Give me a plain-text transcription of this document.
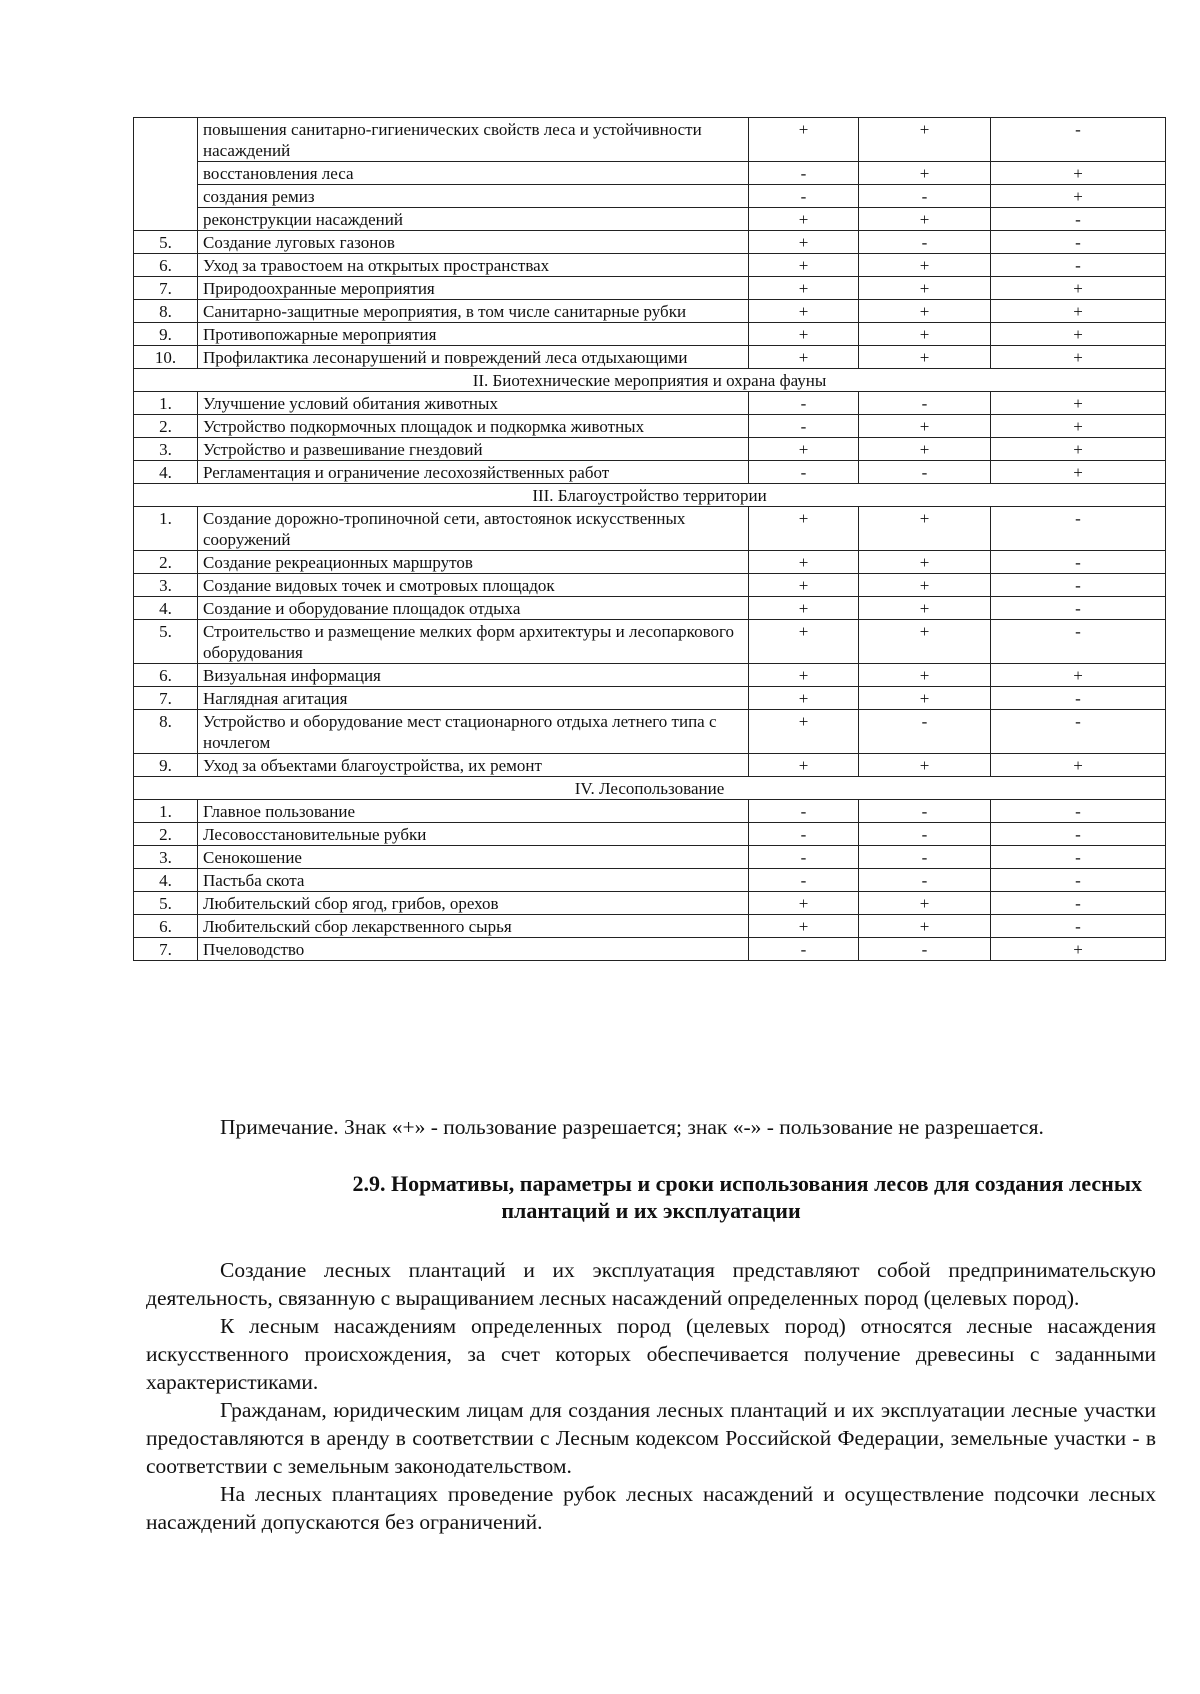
	повышения санитарно-гигиенических свойств леса и устойчивности насаждений	+	+	-
	восстановления леса	-	+	+
	создания ремиз	-	-	+
	реконструкции насаждений	+	+	-
5.	Создание луговых газонов	+	-	-
6.	Уход за травостоем на открытых пространствах	+	+	-
7.	Природоохранные мероприятия	+	+	+
8.	Санитарно-защитные мероприятия, в том числе санитарные рубки	+	+	+
9.	Противопожарные мероприятия	+	+	+
10.	Профилактика лесонарушений и повреждений леса отдыхающими	+	+	+
II. Биотехнические мероприятия и охрана фауны				
1.	Улучшение условий обитания животных	-	-	+
2.	Устройство подкормочных площадок и подкормка животных	-	+	+
3.	Устройство и развешивание гнездовий	+	+	+
4.	Регламентация и ограничение лесохозяйственных работ	-	-	+
III. Благоустройство территории				
1.	Создание дорожно-тропиночной сети, автостоянок искусственных сооружений	+	+	-
2.	Создание рекреационных маршрутов	+	+	-
3.	Создание видовых точек и смотровых площадок	+	+	-
4.	Создание и оборудование площадок отдыха	+	+	-
5.	Строительство и размещение мелких форм архитектуры и лесопаркового оборудования	+	+	-
6.	Визуальная информация	+	+	+
7.	Наглядная агитация	+	+	-
8.	Устройство и оборудование мест стационарного отдыха летнего типа с ночлегом	+	-	-
9.	Уход за объектами благоустройства, их ремонт	+	+	+
IV. Лесопользование				
1.	Главное пользование	-	-	-
2.	Лесовосстановительные рубки	-	-	-
3.	Сенокошение	-	-	-
4.	Пастьба скота	-	-	-
5.	Любительский сбор ягод, грибов, орехов	+	+	-
6.	Любительский сбор лекарственного сырья	+	+	-
7.	Пчеловодство	-	-	+
Примечание. Знак «+» - пользование разрешается; знак «-» - пользование не разрешается.
2.9. Нормативы, параметры и сроки использования лесов для создания лесных
плантаций и их эксплуатации

Создание лесных плантаций и их эксплуатация представляют собой предпринимательскую деятельность, связанную с выращиванием лесных насаждений определенных пород (целевых пород).

К лесным насаждениям определенных пород (целевых пород) относятся лесные насаждения искусственного происхождения, за счет которых обеспечивается получение древесины с заданными характеристиками.

Гражданам, юридическим лицам для создания лесных плантаций и их эксплуатации лесные участки предоставляются в аренду в соответствии с Лесным кодексом Российской Федерации, земельные участки - в соответствии с земельным законодательством.

На лесных плантациях проведение рубок лесных насаждений и осуществление подсочки лесных насаждений допускаются без ограничений.
